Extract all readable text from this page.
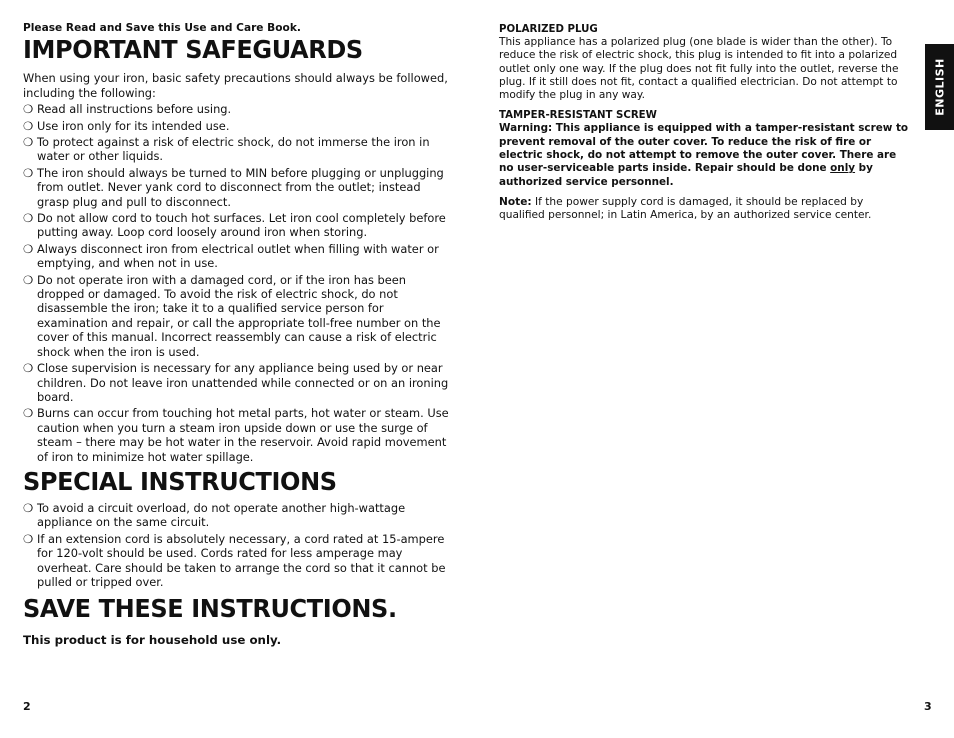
Please Read and Save this Use and Care Book.

IMPORTANT SAFEGUARDS

When using your iron, basic safety precautions should always be followed, including the following:

❍ Read all instructions before using.
❍ Use iron only for its intended use.
❍ To protect against a risk of electric shock, do not immerse the iron in water or other liquids.
❍ The iron should always be turned to MIN before plugging or unplugging from outlet. Never yank cord to disconnect from the outlet; instead grasp plug and pull to disconnect.
❍ Do not allow cord to touch hot surfaces. Let iron cool completely before putting away. Loop cord loosely around iron when storing.
❍ Always disconnect iron from electrical outlet when filling with water or emptying, and when not in use.
❍ Do not operate iron with a damaged cord, or if the iron has been dropped or damaged. To avoid the risk of electric shock, do not disassemble the iron; take it to a qualified service person for examination and repair, or call the appropriate toll-free number on the cover of this manual. Incorrect reassembly can cause a risk of electric shock when the iron is used.
❍ Close supervision is necessary for any appliance being used by or near children. Do not leave iron unattended while connected or on an ironing board.
❍ Burns can occur from touching hot metal parts, hot water or steam. Use caution when you turn a steam iron upside down or use the surge of steam – there may be hot water in the reservoir. Avoid rapid movement of iron to minimize hot water spillage.
SPECIAL INSTRUCTIONS
❍ To avoid a circuit overload, do not operate another high-wattage appliance on the same circuit.
❍ If an extension cord is absolutely necessary, a cord rated at 15-ampere for 120-volt should be used. Cords rated for less amperage may overheat. Care should be taken to arrange the cord so that it cannot be pulled or tripped over.
SAVE THESE INSTRUCTIONS.

This product is for household use only.

2

POLARIZED PLUG

This appliance has a polarized plug (one blade is wider than the other). To reduce the risk of electric shock, this plug is intended to fit into a polarized outlet only one way. If the plug does not fit fully into the outlet, reverse the plug. If it still does not fit, contact a qualified electrician. Do not attempt to modify the plug in any way.

TAMPER-RESISTANT SCREW

Warning: This appliance is equipped with a tamper-resistant screw to prevent removal of the outer cover. To reduce the risk of fire or electric shock, do not attempt to remove the outer cover. There are no user-serviceable parts inside. Repair should be done only by authorized service personnel.

Note: If the power supply cord is damaged, it should be replaced by qualified personnel; in Latin America, by an authorized service center.

3
ENGLISH
